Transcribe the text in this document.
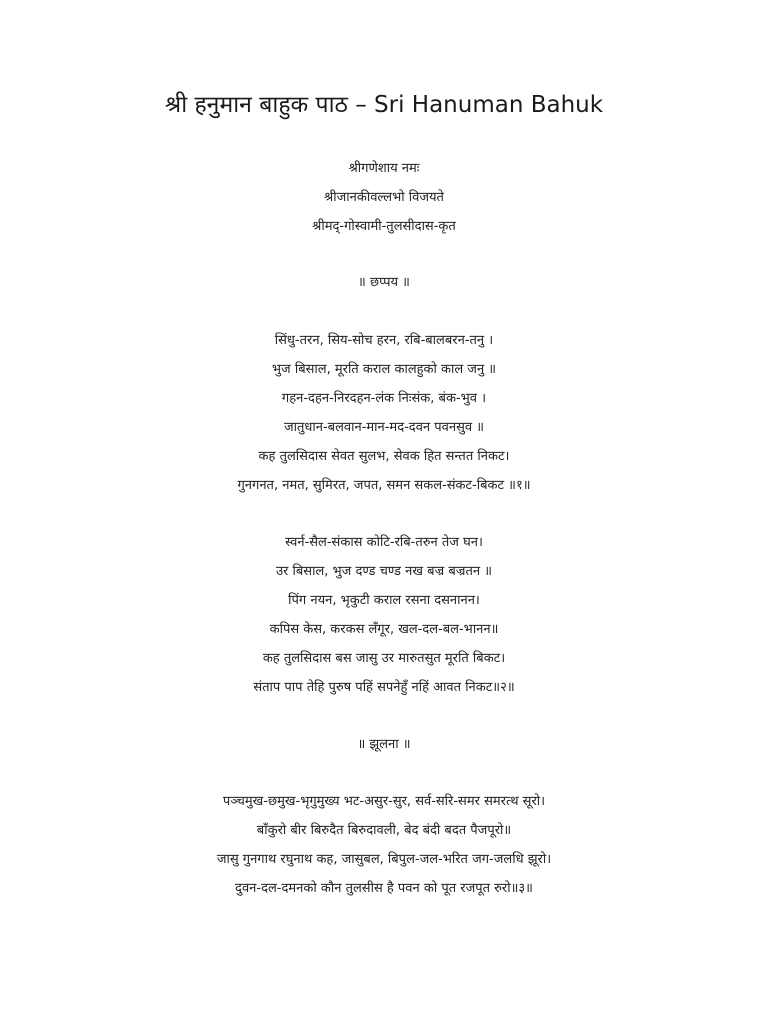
श्री हनुमान बाहुक पाठ – Sri Hanuman Bahuk
श्रीगणेशाय नमः
श्रीजानकीवल्लभो विजयते
श्रीमद्-गोस्वामी-तुलसीदास-कृत
॥ छप्पय ॥
सिंधु-तरन, सिय-सोच हरन, रबि-बालबरन-तनु ।
भुज बिसाल, मूरति कराल कालहुको काल जनु ॥
गहन-दहन-निरदहन-लंक निःसंक, बंक-भुव ।
जातुधान-बलवान-मान-मद-दवन पवनसुव ॥
कह तुलसिदास सेवत सुलभ, सेवक हित सन्तत निकट।
गुनगनत, नमत, सुमिरत, जपत, समन सकल-संकट-बिकट ॥१॥
स्वर्न-सैल-संकास कोटि-रबि-तरुन तेज घन।
उर बिसाल, भुज दण्ड चण्ड नख बज्र बज्रतन ॥
पिंग नयन, भृकुटी कराल रसना दसनानन।
कपिस केस, करकस लँगूर, खल-दल-बल-भानन॥
कह तुलसिदास बस जासु उर मारुतसुत मूरति बिकट।
संताप पाप तेहि पुरुष पहिं सपनेहुँ नहिं आवत निकट॥२॥
॥ झूलना ॥
पञ्चमुख-छमुख-भृगुमुख्य भट-असुर-सुर, सर्व-सरि-समर समरत्थ सूरो।
बाँकुरो बीर बिरुदैत बिरुदावली, बेद बंदी बदत पैजपूरो॥
जासु गुनगाथ रघुनाथ कह, जासुबल, बिपुल-जल-भरित जग-जलधि झूरो।
दुवन-दल-दमनको कौन तुलसीस है पवन को पूत रजपूत रुरो॥३॥
